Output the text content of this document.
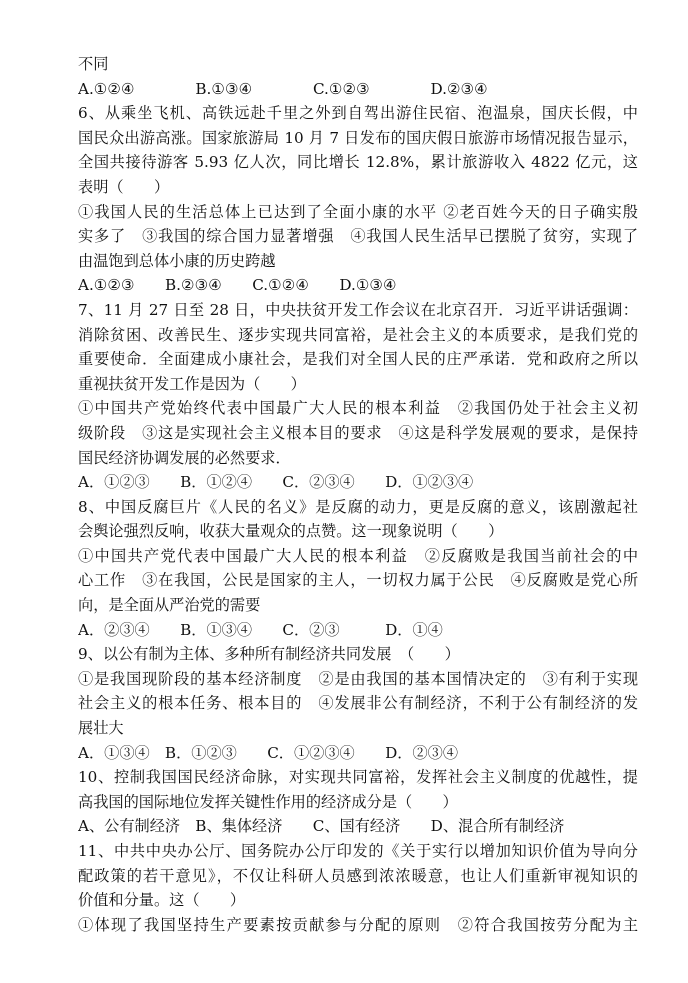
不同
A.①②④　　　　B.①③④　　　　C.①②③　　　　D.②③④
6、从乘坐飞机、高铁远赴千里之外到自驾出游住民宿、泡温泉，国庆长假，中
国民众出游高涨。国家旅游局 10 月 7 日发布的国庆假日旅游市场情况报告显示，
全国共接待游客 5.93 亿人次，同比增长 12.8%，累计旅游收入 4822 亿元，这
表明（　　）
①我国人民的生活总体上已达到了全面小康的水平 ②老百姓今天的日子确实殷
实多了　③我国的综合国力显著增强　④我国人民生活早已摆脱了贫穷，实现了
由温饱到总体小康的历史跨越
A.①②③　　B.②③④　　C.①②④　　D.①③④
7、11 月 27 日至 28 日，中央扶贫开发工作会议在北京召开．习近平讲话强调：
消除贫困、改善民生、逐步实现共同富裕，是社会主义的本质要求，是我们党的
重要使命．全面建成小康社会，是我们对全国人民的庄严承诺．党和政府之所以
重视扶贫开发工作是因为（　　）
①中国共产党始终代表中国最广大人民的根本利益　②我国仍处于社会主义初
级阶段　③这是实现社会主义根本目的要求　④这是科学发展观的要求，是保持
国民经济协调发展的必然要求．
A．①②③　　B．①②④　　C．②③④　　D．①②③④
8、中国反腐巨片《人民的名义》是反腐的动力，更是反腐的意义，该剧激起社
会舆论强烈反响，收获大量观众的点赞。这一现象说明（　　）
①中国共产党代表中国最广大人民的根本利益　②反腐败是我国当前社会的中
心工作　③在我国，公民是国家的主人，一切权力属于公民　④反腐败是党心所
向，是全面从严治党的需要
A．②③④　　B．①③④　　C．②③　　　D．①④
9、以公有制为主体、多种所有制经济共同发展　（　　）
①是我国现阶段的基本经济制度　②是由我国的基本国情决定的　③有利于实现
社会主义的根本任务、根本目的　④发展非公有制经济，不利于公有制经济的发
展壮大
A．①③④　B．①②③　　C．①②③④　　D．②③④
10、控制我国国民经济命脉，对实现共同富裕，发挥社会主义制度的优越性，提
高我国的国际地位发挥关键性作用的经济成分是（　　）
A、公有制经济　B、集体经济　　C、国有经济　　D、混合所有制经济
11、中共中央办公厅、国务院办公厅印发的《关于实行以增加知识价值为导向分
配政策的若干意见》，不仅让科研人员感到浓浓暖意，也让人们重新审视知识的
价值和分量。这（　　）
①体现了我国坚持生产要素按贡献参与分配的原则　②符合我国按劳分配为主
